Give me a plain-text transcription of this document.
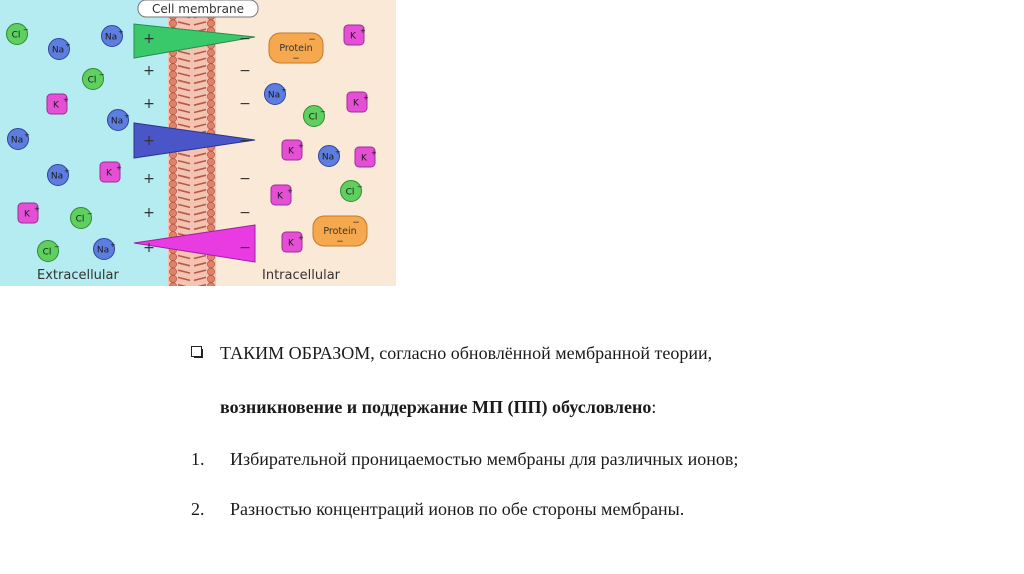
+	−
+	−
+	−
+	−
+	−
+	−
+	−
Cl
−
Na
+
Na
+
Cl
−
K
+
Na
+
Na
+
Na
+	K
+
K
+
Cl
−
Cl
−	Na
+
K
+
Na
+
Cl
−
K
+
K
+
Na
+
K
+
K
+	Cl
−
K
+
Protein
−
−
Protein
−
−
Cell membrane
Extracellular	Intracellular
ТАКИМ ОБРАЗОМ, согласно обновлённой мембранной теории,
возникновение и поддержание МП (ПП) обусловлено:
1. Избирательной проницаемостью мембраны для различных ионов;
2. Разностью концентраций ионов по обе стороны мембраны.
